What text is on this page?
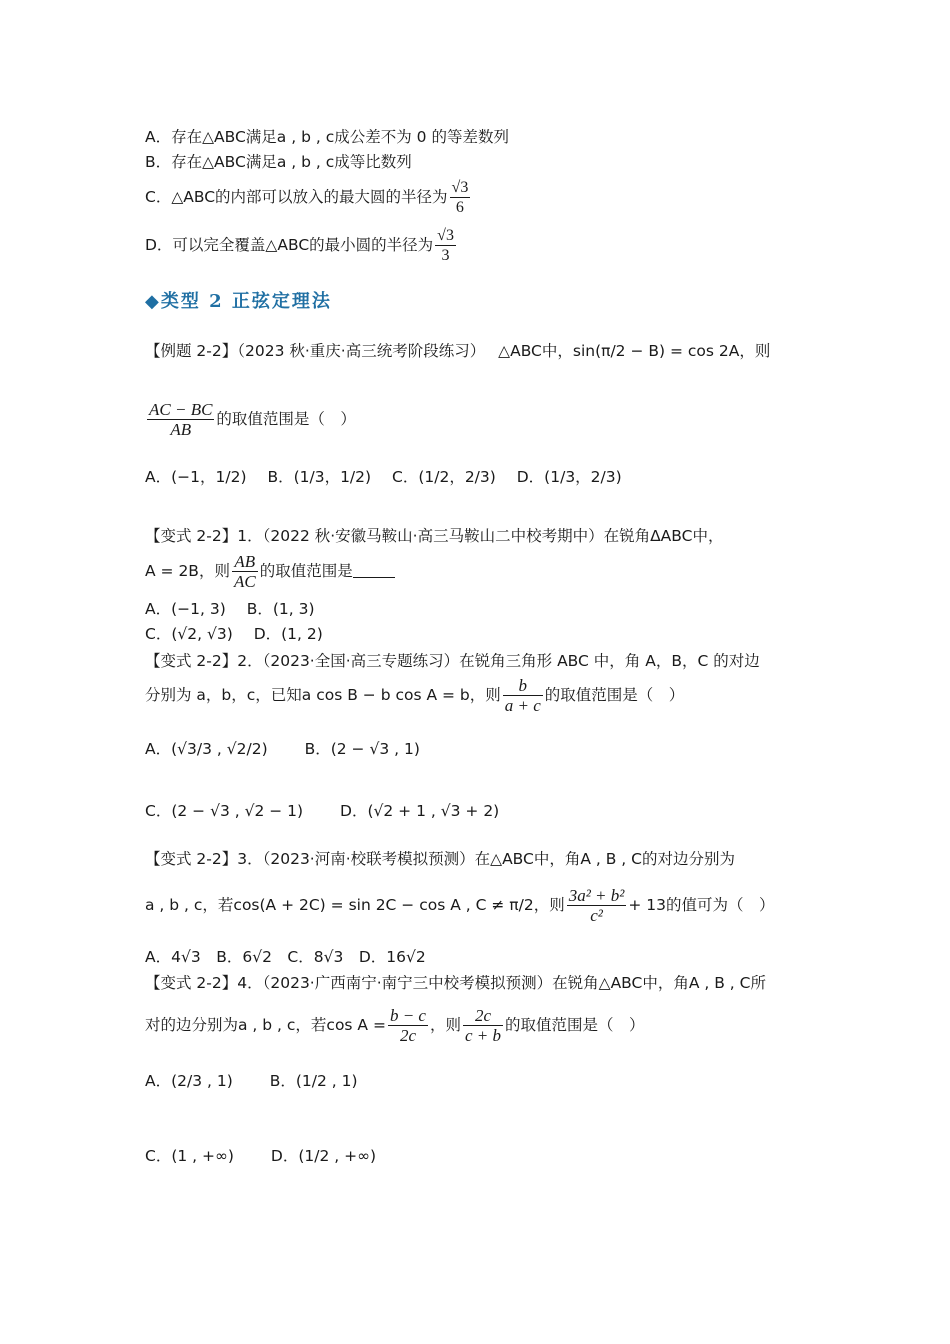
A．存在△ABC满足a , b , c成公差不为 0 的等差数列
B．存在△ABC满足a , b , c成等比数列
C．△ABC的内部可以放入的最大圆的半径为 $\frac{√3}{6}$
D．可以完全覆盖△ABC的最小圆的半径为 $\frac{√3}{3}$
◆类型 2 正弦定理法
【例题 2-2】（2023 秋·重庆·高三统考阶段练习） △ABC中，sin(π/2 − B) = cos 2A，则
$\frac{AC - BC}{AB}$ 的取值范围是（　）
A．(−1，1/2) B．(1/3，1/2) C．(1/2，2/3) D．(1/3，2/3)
【变式 2-2】1．（2022 秋·安徽马鞍山·高三马鞍山二中校考期中）在锐角ΔABC中，
A = 2B，则 $\frac{AB}{AC}$ 的取值范围是
A．(−1, 3) B．(1, 3)
C．(√2, √3) D．(1, 2)
【变式 2-2】2．（2023·全国·高三专题练习）在锐角三角形 ABC 中，角 A，B，C 的对边
分别为 a，b，c，已知a cos B − b cos A = b，则 $\frac{b}{a + c}$ 的取值范围是（　）
A．(√3/3 , √2/2) B．(2 − √3 , 1)
C．(2 − √3 , √2 − 1) D．(√2 + 1 , √3 + 2)
【变式 2-2】3．（2023·河南·校联考模拟预测）在△ABC中，角A , B , C的对边分别为
a , b , c，若cos(A + 2C) = sin 2C − cos A , C ≠ π/2，则 $\frac{\text{3a² + b²}}{\text{c²}} + 13$的值可为（　）
A．4√3　B．6√2　C．8√3　D．16√2
【变式 2-2】4．（2023·广西南宁·南宁三中校考模拟预测）在锐角△ABC中，角A , B , C所
对的边分别为a , b , c，若$\cos A = \frac{b - c}{2c}$ ，则 $\frac{2c}{c + b}$ 的取值范围是（　）
A．(2/3 , 1) B．(1/2 , 1)
C．(1 , +∞) D．(1/2 , +∞)
